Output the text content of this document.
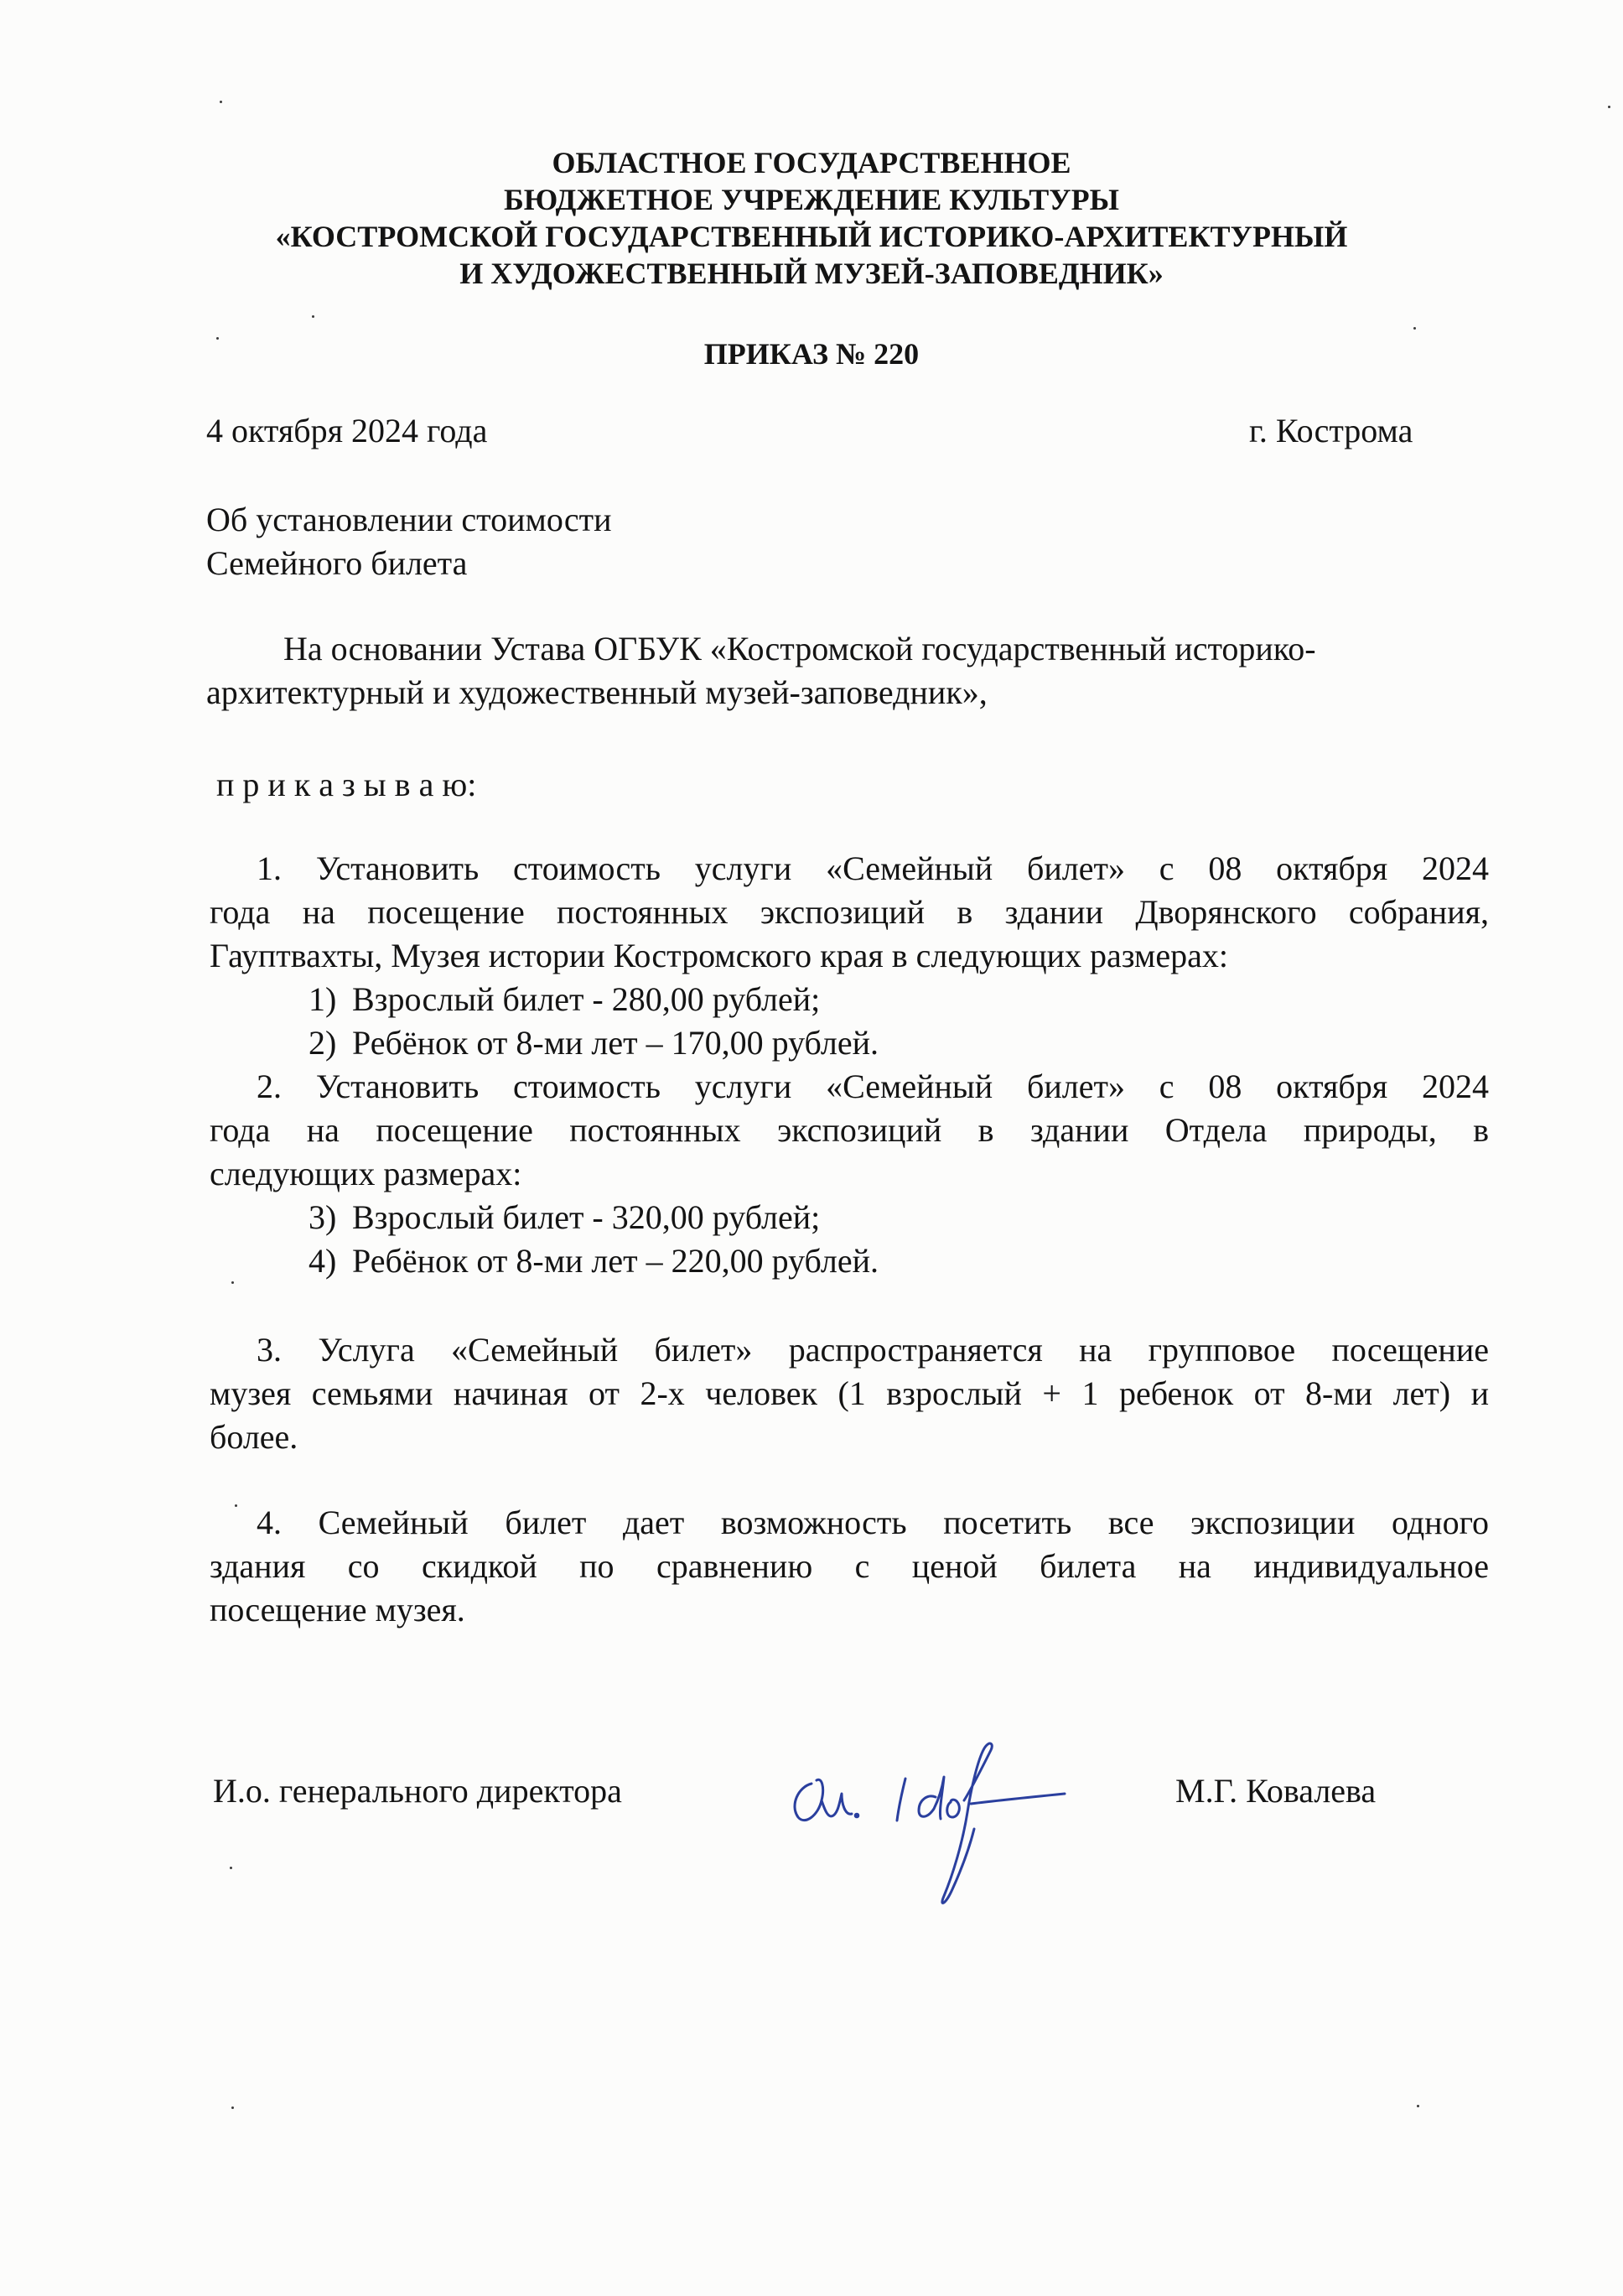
ОБЛАСТНОЕ ГОСУДАРСТВЕННОЕ
БЮДЖЕТНОЕ УЧРЕЖДЕНИЕ КУЛЬТУРЫ
«КОСТРОМСКОЙ ГОСУДАРСТВЕННЫЙ ИСТОРИКО-АРХИТЕКТУРНЫЙ
И ХУДОЖЕСТВЕННЫЙ МУЗЕЙ-ЗАПОВЕДНИК»
ПРИКАЗ № 220
4 октября 2024 года	г. Кострома
Об установлении стоимости
Семейного билета
На основании Устава ОГБУК «Костромской государственный историко-
архитектурный и художественный музей-заповедник»,
п р и к а з ы в а ю:
1. Установить стоимость услуги «Семейный билет» с 08 октября 2024
года на посещение постоянных экспозиций в здании Дворянского собрания,
Гауптвахты, Музея истории Костромского края в следующих размерах:
1) Взрослый билет - 280,00 рублей;
2) Ребёнок от 8-ми лет – 170,00 рублей.
2. Установить стоимость услуги «Семейный билет» с 08 октября 2024
года на посещение постоянных экспозиций в здании Отдела природы, в
следующих размерах:
3) Взрослый билет - 320,00 рублей;
4) Ребёнок от 8-ми лет – 220,00 рублей.
3. Услуга «Семейный билет» распространяется на групповое посещение
музея семьями начиная от 2-х человек (1 взрослый + 1 ребенок от 8-ми лет) и
более.
4. Семейный билет дает возможность посетить все экспозиции одного
здания со скидкой по сравнению с ценой билета на индивидуальное
посещение музея.
И.о. генерального директора	М.Г. Ковалева
